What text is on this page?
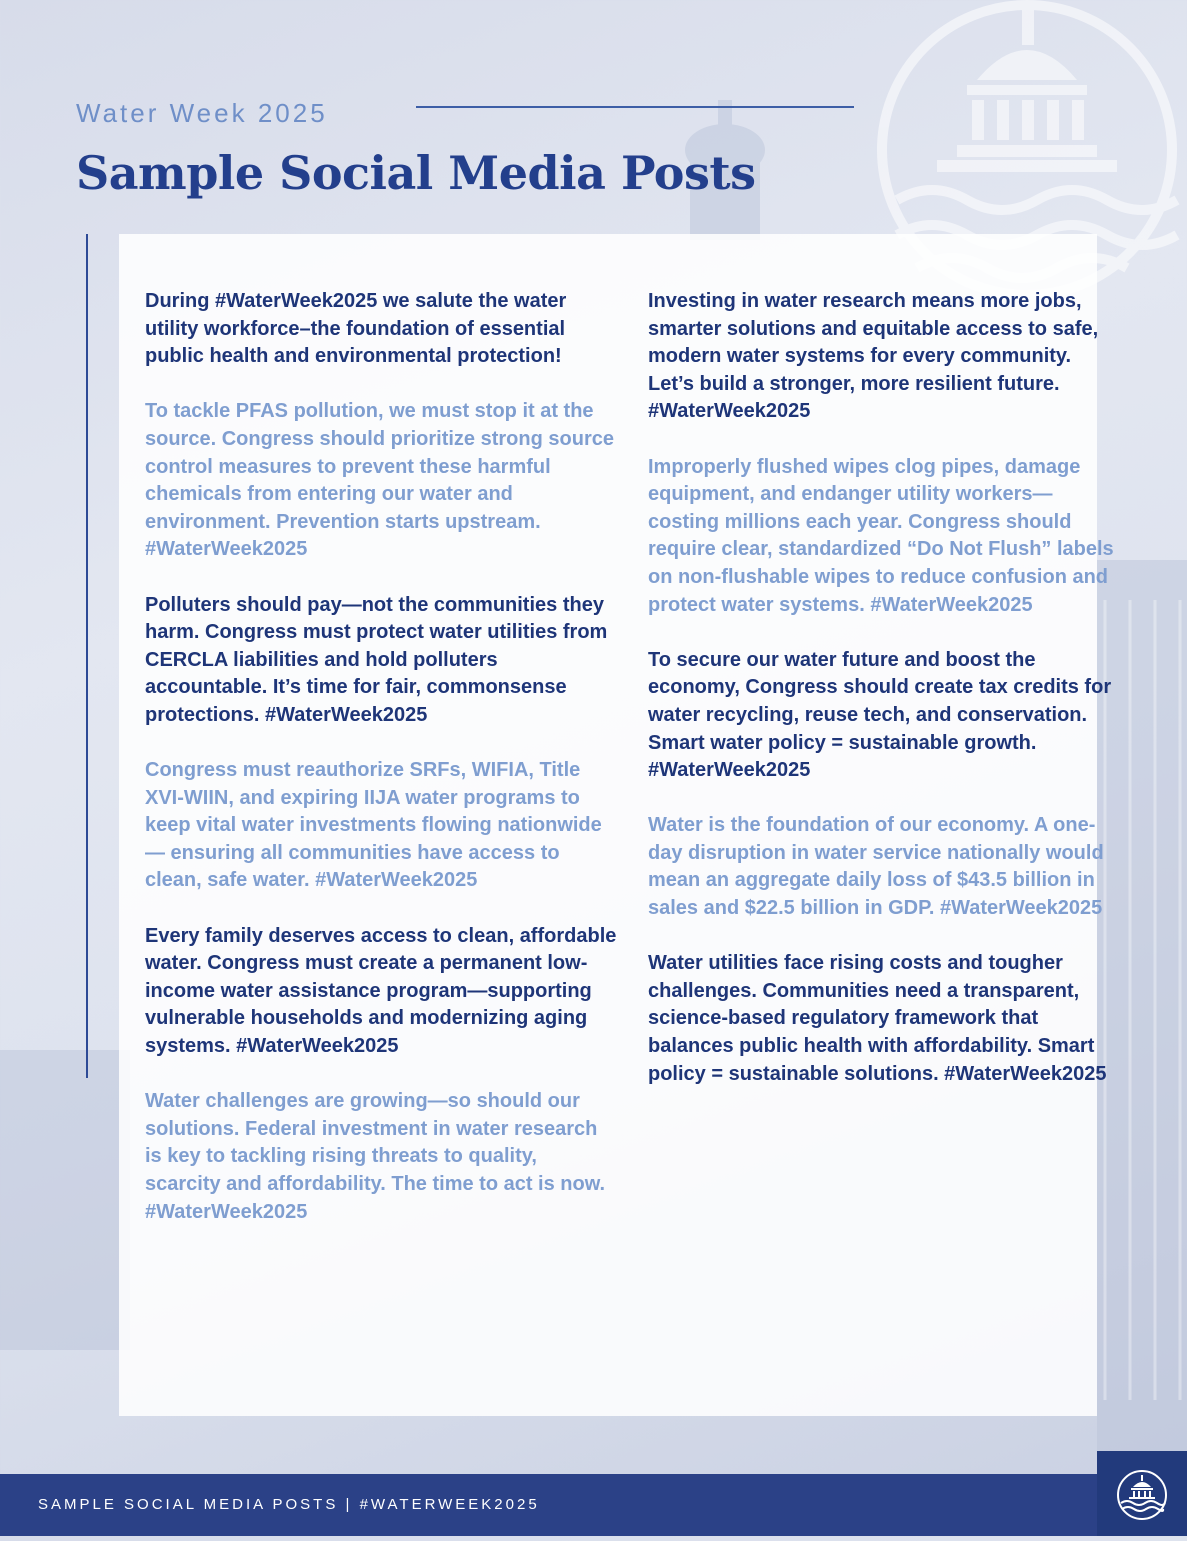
Water Week 2025
Sample Social Media Posts

During #WaterWeek2025 we salute the water utility workforce–the foundation of essential public health and environmental protection!

To tackle PFAS pollution, we must stop it at the source. Congress should prioritize strong source control measures to prevent these harmful chemicals from entering our water and environment. Prevention starts upstream. #WaterWeek2025

Polluters should pay—not the communities they harm. Congress must protect water utilities from CERCLA liabilities and hold polluters accountable. It’s time for fair, commonsense protections. #WaterWeek2025

Congress must reauthorize SRFs, WIFIA, Title XVI-WIIN, and expiring IIJA water programs to keep vital water investments flowing nationwide — ensuring all communities have access to clean, safe water. #WaterWeek2025

Every family deserves access to clean, affordable water. Congress must create a permanent low-income water assistance program—supporting vulnerable households and modernizing aging systems. #WaterWeek2025

Water challenges are growing—so should our solutions. Federal investment in water research is key to tackling rising threats to quality, scarcity and affordability. The time to act is now. #WaterWeek2025

Investing in water research means more jobs, smarter solutions and equitable access to safe, modern water systems for every community. Let’s build a stronger, more resilient future. #WaterWeek2025

Improperly flushed wipes clog pipes, damage equipment, and endanger utility workers—costing millions each year. Congress should require clear, standardized “Do Not Flush” labels on non-flushable wipes to reduce confusion and protect water systems. #WaterWeek2025

To secure our water future and boost the economy, Congress should create tax credits for water recycling, reuse tech, and conservation. Smart water policy = sustainable growth. #WaterWeek2025

Water is the foundation of our economy. A one-day disruption in water service nationally would mean an aggregate daily loss of $43.5 billion in sales and $22.5 billion in GDP. #WaterWeek2025

Water utilities face rising costs and tougher challenges. Communities need a transparent, science-based regulatory framework that balances public health with affordability. Smart policy = sustainable solutions. #WaterWeek2025

SAMPLE SOCIAL MEDIA POSTS | #WATERWEEK2025
